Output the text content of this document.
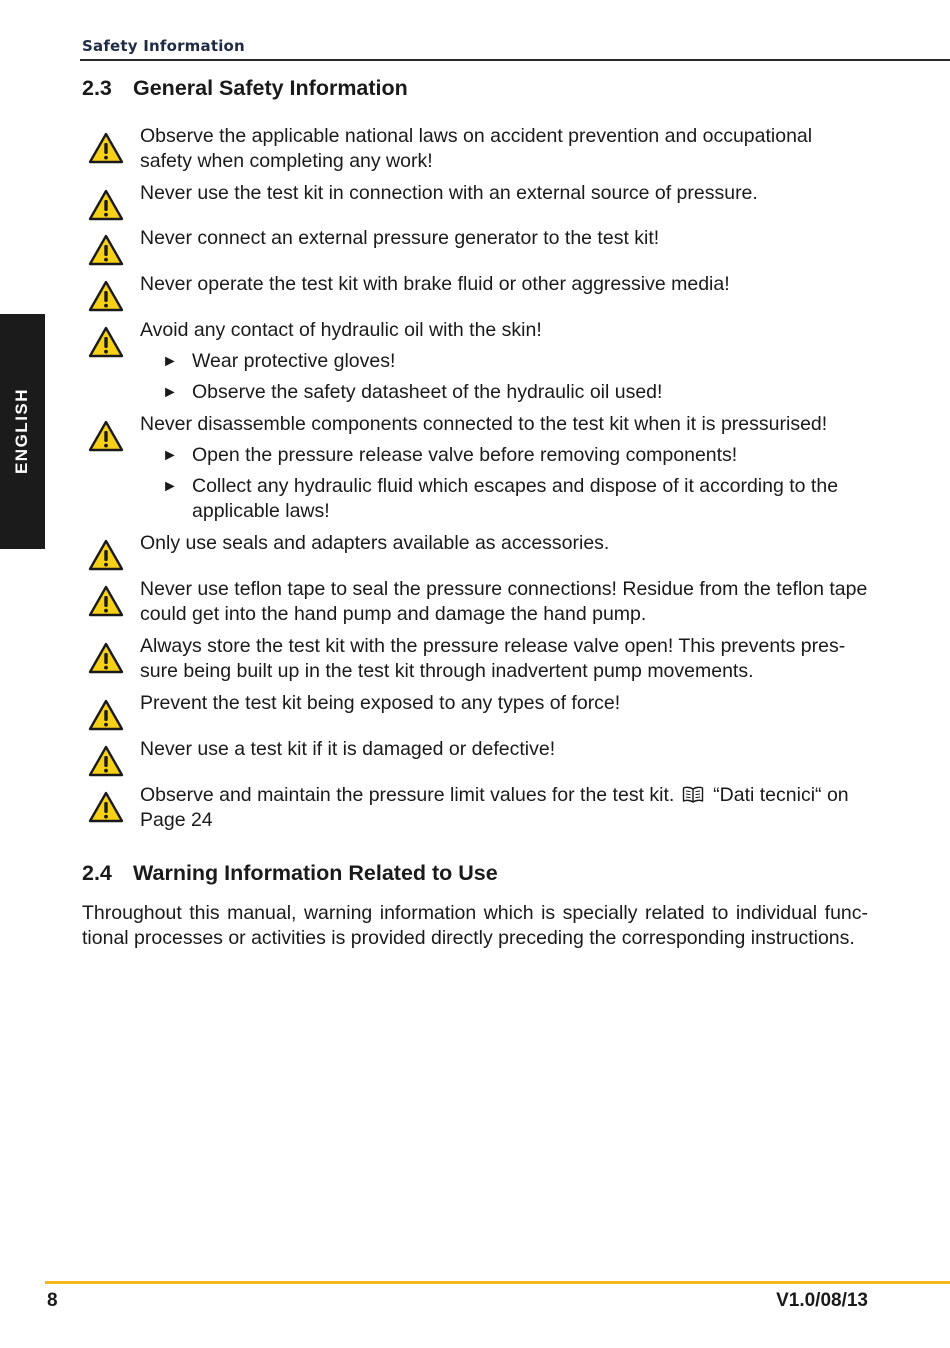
Safety Information
ENGLISH
2.3 General Safety Information
Observe the applicable national laws on accident prevention and occupational safety when completing any work!
Never use the test kit in connection with an external source of pressure.
Never connect an external pressure generator to the test kit!
Never operate the test kit with brake fluid or other aggressive media!
Avoid any contact of hydraulic oil with the skin!
► Wear protective gloves!
► Observe the safety datasheet of the hydraulic oil used!
Never disassemble components connected to the test kit when it is pressurised!
► Open the pressure release valve before removing components!
► Collect any hydraulic fluid which escapes and dispose of it according to the applicable laws!
Only use seals and adapters available as accessories.
Never use teflon tape to seal the pressure connections! Residue from the teflon tape could get into the hand pump and damage the hand pump.
Always store the test kit with the pressure release valve open! This prevents pres-sure being built up in the test kit through inadvertent pump movements.
Prevent the test kit being exposed to any types of force!
Never use a test kit if it is damaged or defective!
Observe and maintain the pressure limit values for the test kit. “Dati tecnici“ on Page 24
2.4 Warning Information Related to Use

Throughout this manual, warning information which is specially related to individual func-tional processes or activities is provided directly preceding the corresponding instructions.

8	V1.0/08/13
